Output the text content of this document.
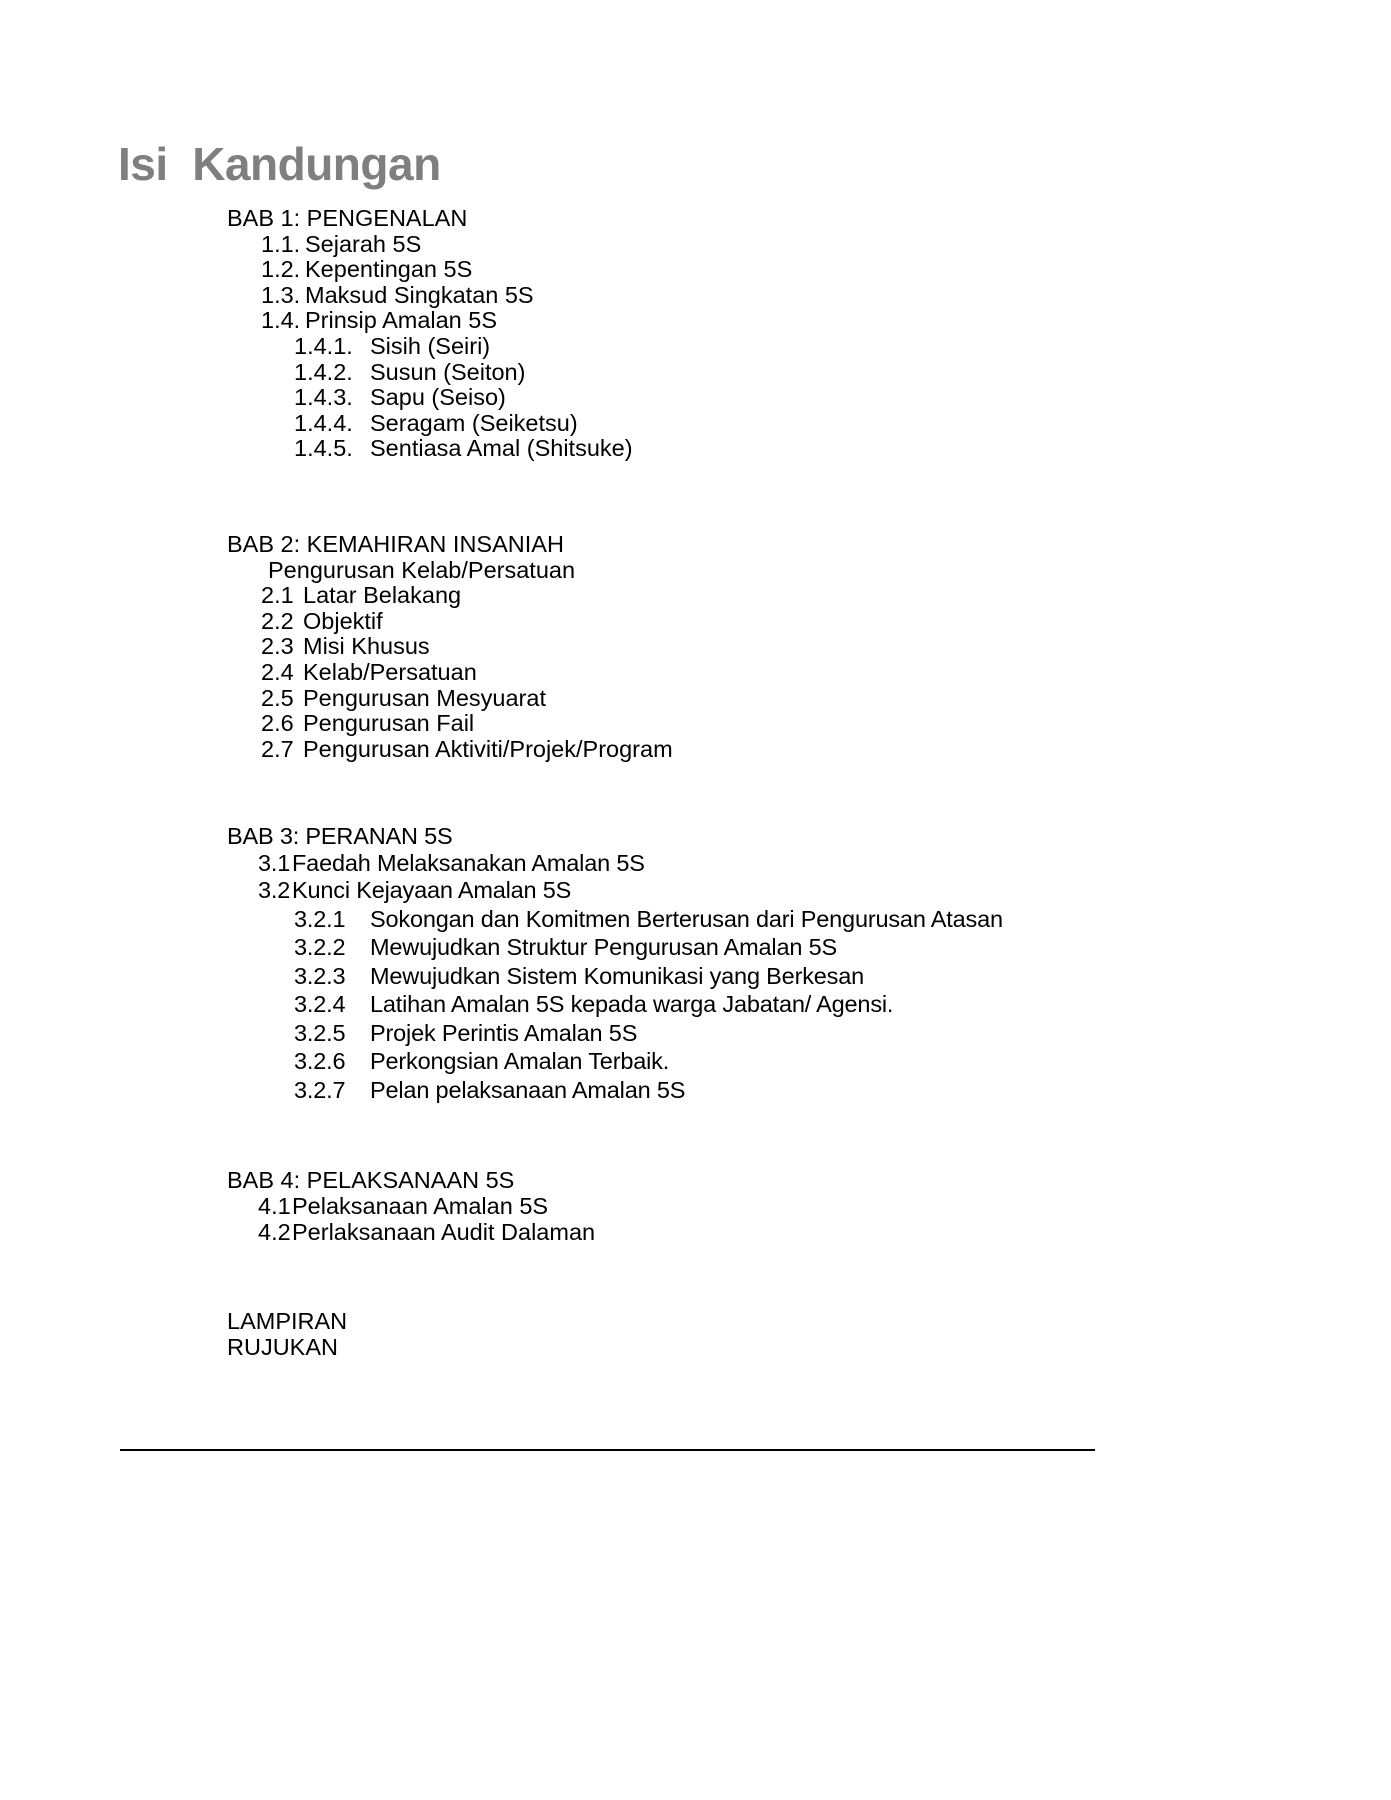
Isi  Kandungan
BAB 1: PENGENALAN
1.1. Sejarah 5S
1.2. Kepentingan 5S
1.3. Maksud Singkatan 5S
1.4. Prinsip Amalan 5S
1.4.1. Sisih (Seiri)
1.4.2. Susun (Seiton)
1.4.3. Sapu (Seiso)
1.4.4. Seragam (Seiketsu)
1.4.5. Sentiasa Amal (Shitsuke)
BAB 2: KEMAHIRAN INSANIAH
Pengurusan Kelab/Persatuan
2.1 Latar Belakang
2.2 Objektif
2.3 Misi Khusus
2.4 Kelab/Persatuan
2.5 Pengurusan Mesyuarat
2.6 Pengurusan Fail
2.7 Pengurusan Aktiviti/Projek/Program
BAB 3: PERANAN 5S
3.1Faedah Melaksanakan Amalan 5S
3.2Kunci Kejayaan Amalan 5S
3.2.1 Sokongan dan Komitmen Berterusan dari Pengurusan Atasan
3.2.2 Mewujudkan Struktur Pengurusan Amalan 5S
3.2.3 Mewujudkan Sistem Komunikasi yang Berkesan
3.2.4 Latihan Amalan 5S kepada warga Jabatan/ Agensi.
3.2.5 Projek Perintis Amalan 5S
3.2.6 Perkongsian Amalan Terbaik.
3.2.7 Pelan pelaksanaan Amalan 5S
BAB 4: PELAKSANAAN 5S
4.1Pelaksanaan Amalan 5S
4.2Perlaksanaan Audit Dalaman
LAMPIRAN
RUJUKAN
